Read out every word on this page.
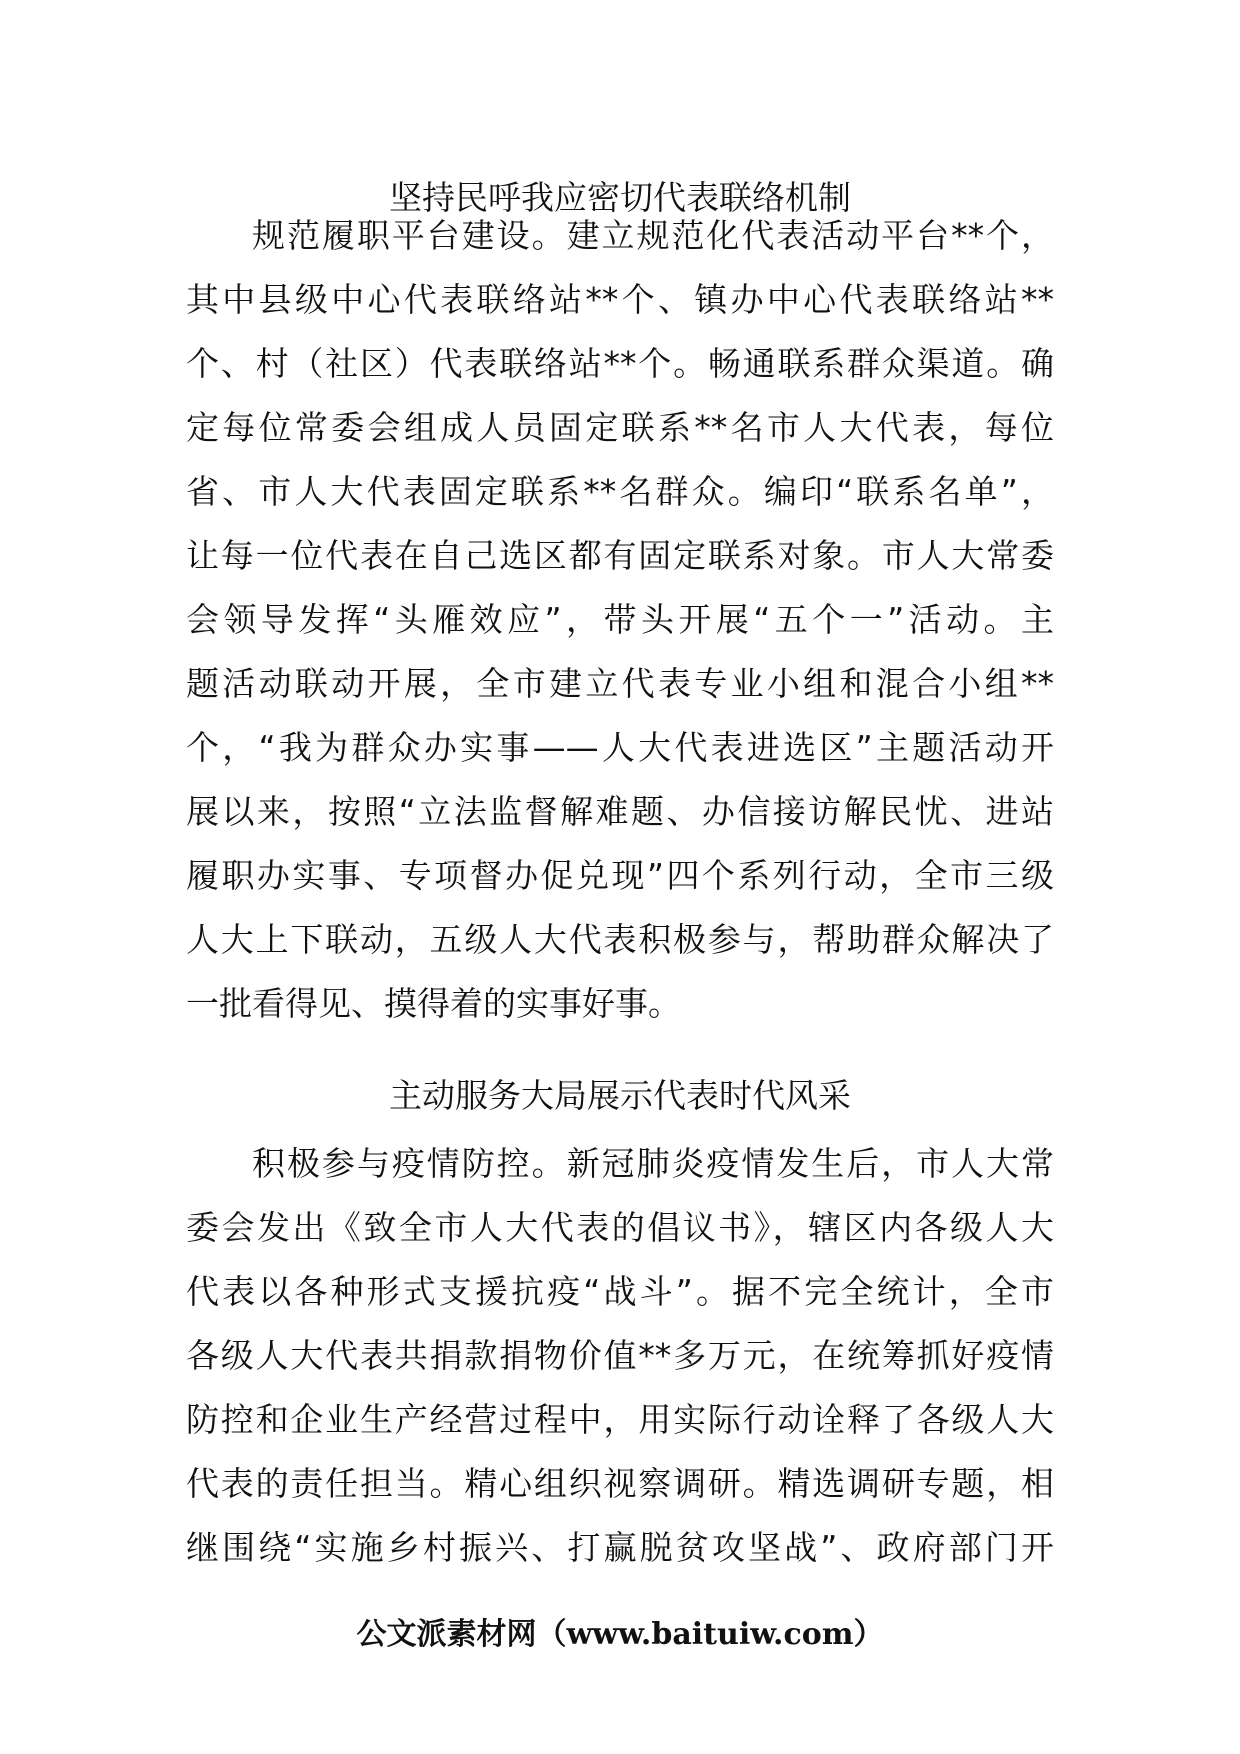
坚持民呼我应密切代表联络机制
规范履职平台建设。建立规范化代表活动平台**个，
其中县级中心代表联络站**个、镇办中心代表联络站**
个、村（社区）代表联络站**个。畅通联系群众渠道。确
定每位常委会组成人员固定联系**名市人大代表，每位
省、市人大代表固定联系**名群众。编印“联系名单”，
让每一位代表在自己选区都有固定联系对象。市人大常委
会领导发挥“头雁效应”，带头开展“五个一”活动。主
题活动联动开展，全市建立代表专业小组和混合小组**
个，“我为群众办实事——人大代表进选区”主题活动开
展以来，按照“立法监督解难题、办信接访解民忧、进站
履职办实事、专项督办促兑现”四个系列行动，全市三级
人大上下联动，五级人大代表积极参与，帮助群众解决了
一批看得见、摸得着的实事好事。
主动服务大局展示代表时代风采
积极参与疫情防控。新冠肺炎疫情发生后，市人大常
委会发出《致全市人大代表的倡议书》，辖区内各级人大
代表以各种形式支援抗疫“战斗”。据不完全统计，全市
各级人大代表共捐款捐物价值**多万元，在统筹抓好疫情
防控和企业生产经营过程中，用实际行动诠释了各级人大
代表的责任担当。精心组织视察调研。精选调研专题，相
继围绕“实施乡村振兴、打赢脱贫攻坚战”、政府部门开
公文派素材网（www.baituiw.com）
